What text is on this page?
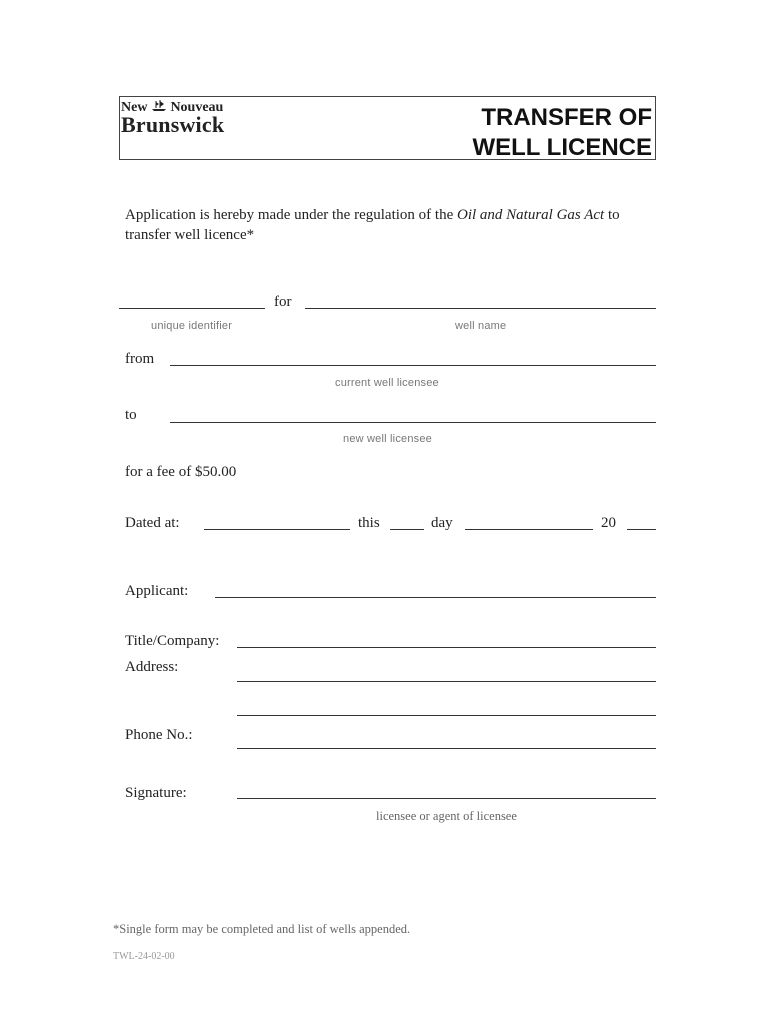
New Nouveau
Brunswick	TRANSFER OF
WELL LICENCE
Application is hereby made under the regulation of the Oil and Natural Gas Act to
transfer well licence*
for
unique identifier	well name
from
current well licensee
to
new well licensee
for a fee of $50.00
Dated at:	this	day	20
Applicant:
Title/Company:
Address:
Phone No.:
Signature:
licensee or agent of licensee
*Single form may be completed and list of wells appended.
TWL-24-02-00
